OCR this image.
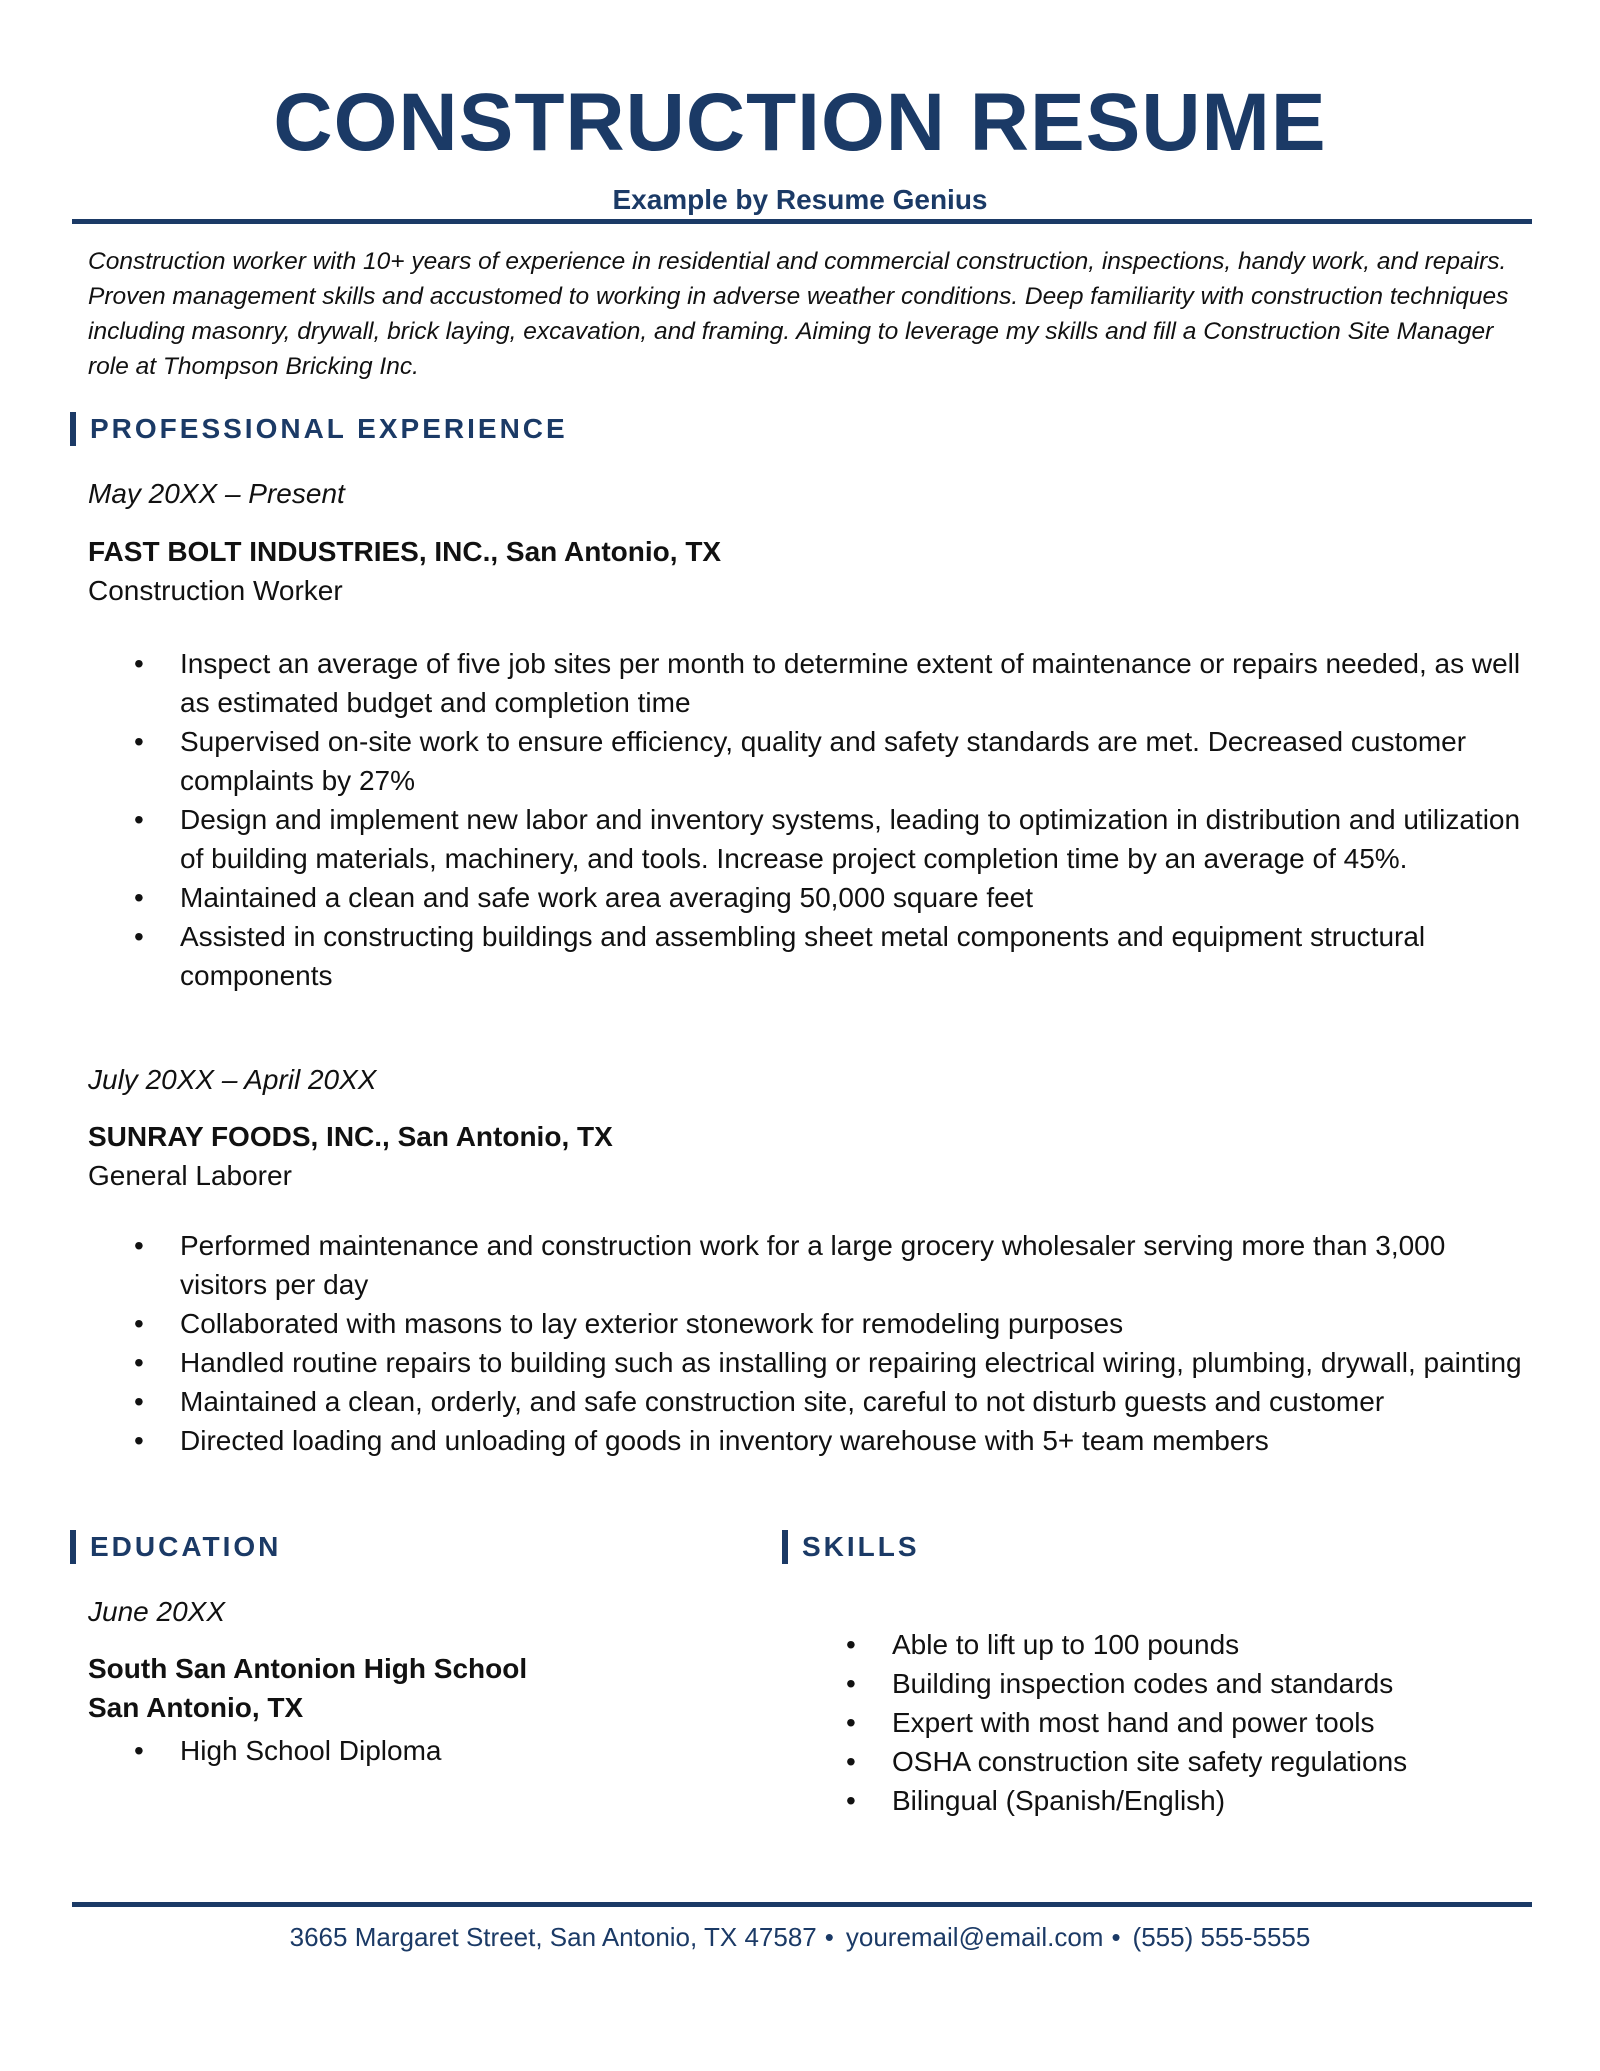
CONSTRUCTION RESUME
Example by Resume Genius
Construction worker with 10+ years of experience in residential and commercial construction, inspections, handy work, and repairs. Proven management skills and accustomed to working in adverse weather conditions. Deep familiarity with construction techniques including masonry, drywall, brick laying, excavation, and framing. Aiming to leverage my skills and fill a Construction Site Manager role at Thompson Bricking Inc.
PROFESSIONAL EXPERIENCE
May 20XX – Present
FAST BOLT INDUSTRIES, INC., San Antonio, TX
Construction Worker
• Inspect an average of five job sites per month to determine extent of maintenance or repairs needed, as well as estimated budget and completion time
• Supervised on-site work to ensure efficiency, quality and safety standards are met. Decreased customer complaints by 27%
• Design and implement new labor and inventory systems, leading to optimization in distribution and utilization of building materials, machinery, and tools. Increase project completion time by an average of 45%.
• Maintained a clean and safe work area averaging 50,000 square feet
• Assisted in constructing buildings and assembling sheet metal components and equipment structural components
July 20XX – April 20XX
SUNRAY FOODS, INC., San Antonio, TX
General Laborer
• Performed maintenance and construction work for a large grocery wholesaler serving more than 3,000 visitors per day
• Collaborated with masons to lay exterior stonework for remodeling purposes
• Handled routine repairs to building such as installing or repairing electrical wiring, plumbing, drywall, painting
• Maintained a clean, orderly, and safe construction site, careful to not disturb guests and customer
• Directed loading and unloading of goods in inventory warehouse with 5+ team members
EDUCATION
June 20XX
South San Antonion High School
San Antonio, TX
• High School Diploma
SKILLS
• Able to lift up to 100 pounds
• Building inspection codes and standards
• Expert with most hand and power tools
• OSHA construction site safety regulations
• Bilingual (Spanish/English)
3665 Margaret Street, San Antonio, TX 47587 • youremail@email.com • (555) 555-5555
